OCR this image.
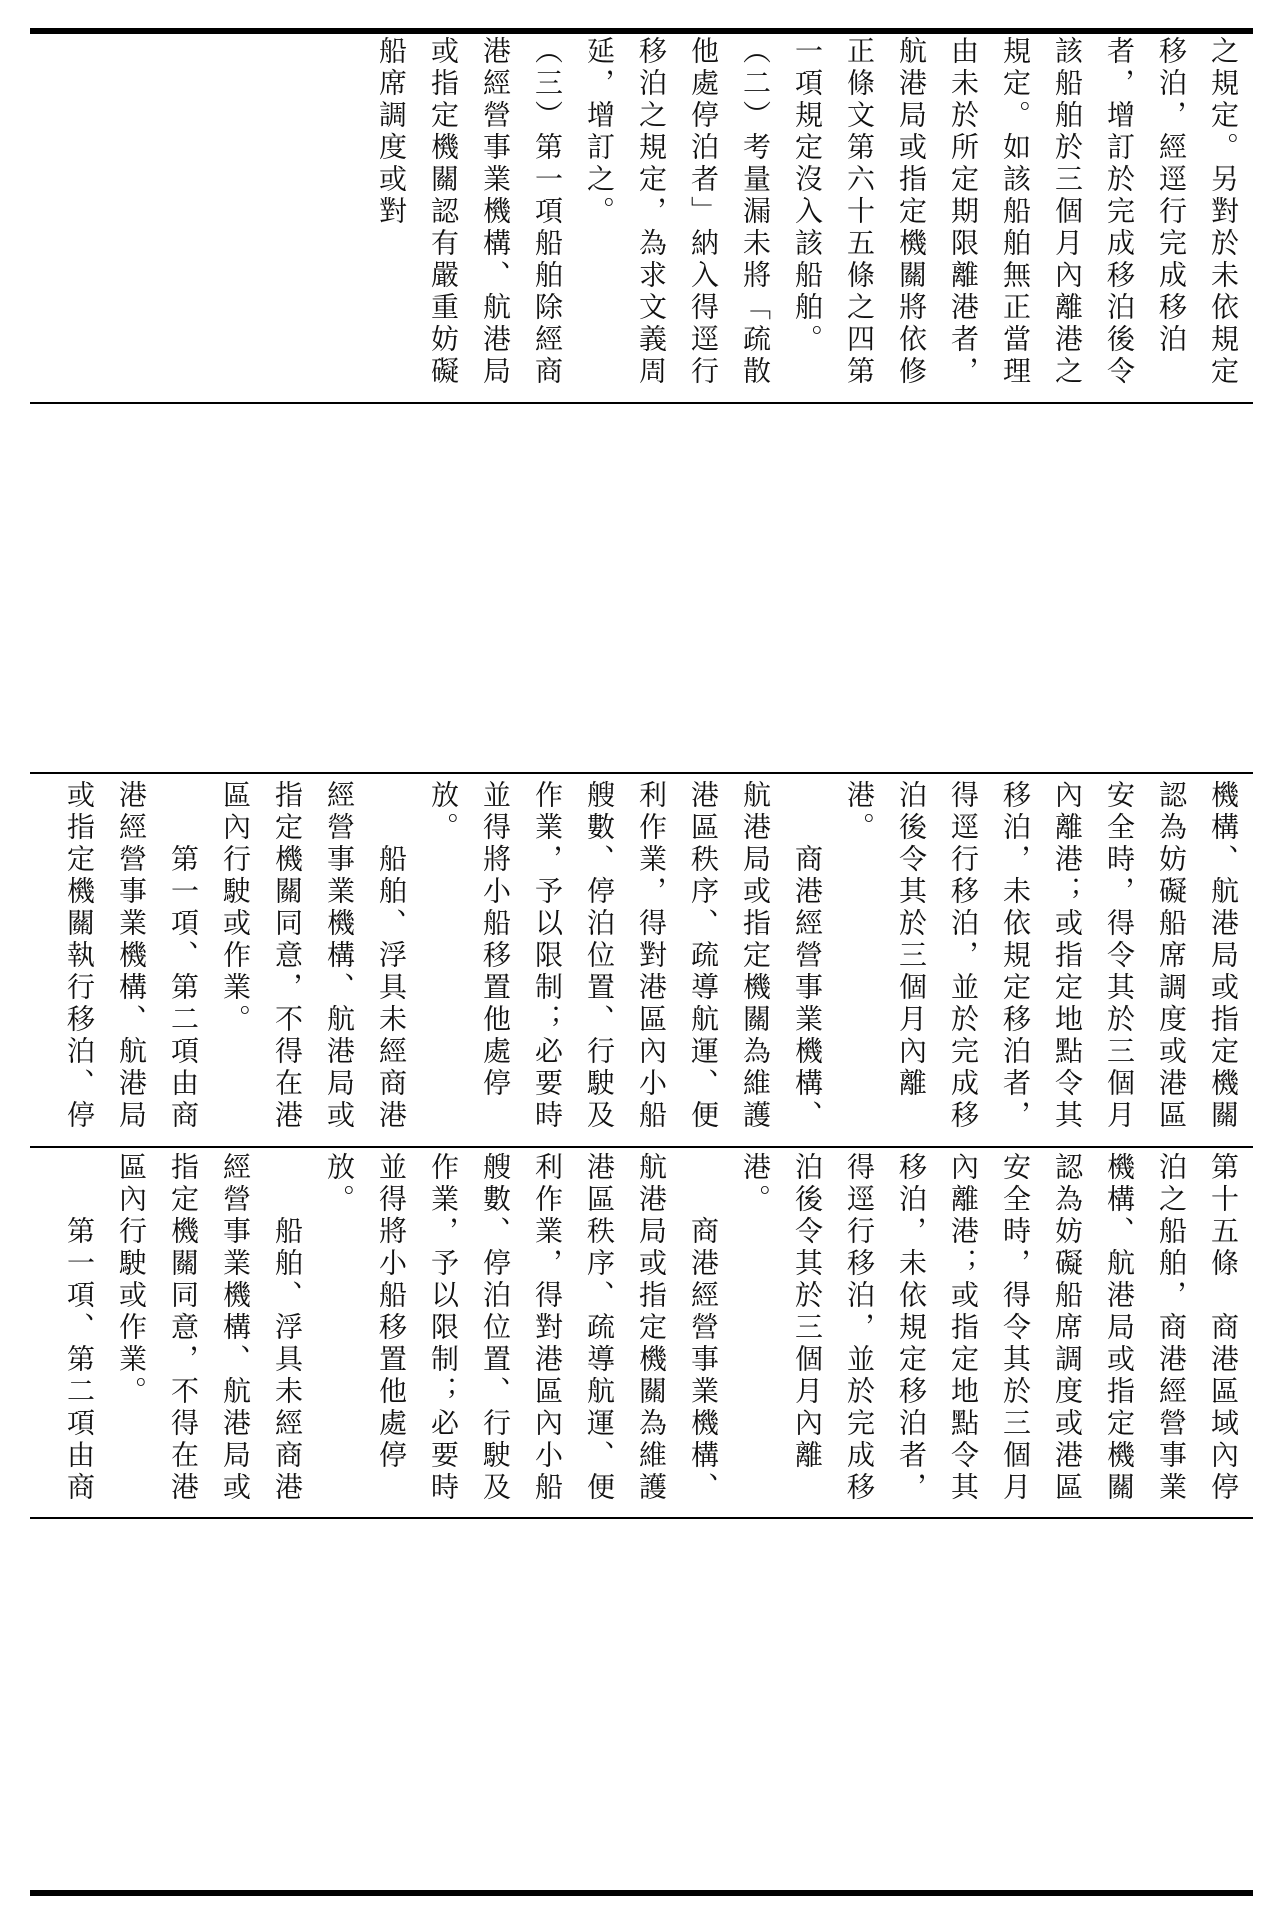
之規定。另對於未依規定移泊，經逕行完成移泊者，增訂於完成移泊後令該船舶於三個月內離港之規定。如該船舶無正當理由未於所定期限離港者，航港局或指定機關將依修正條文第六十五條之四第一項規定沒入該船舶。
（二）考量漏未將「疏散他處停泊者」納入得逕行移泊之規定，為求文義周延，增訂之。
（三）第一項船舶除經商港經營事業機構、航港局或指定機關認有嚴重妨礙船席調度或對
機構、航港局或指定機關認為妨礙船席調度或港區安全時，得令其於三個月內離港；或指定地點令其移泊，未依規定移泊者，得逕行移泊，並於完成移泊後令其於三個月內離港。
　　商港經營事業機構、航港局或指定機關為維護港區秩序、疏導航運、便利作業，得對港區內小船艘數、停泊位置、行駛及作業，予以限制；必要時並得將小船移置他處停放。
　　船舶、浮具未經商港經營事業機構、航港局或指定機關同意，不得在港區內行駛或作業。
　　第一項、第二項由商港經營事業機構、航港局或指定機關執行移泊、停
第十五條　商港區域內停泊之船舶，商港經營事業機構、航港局或指定機關認為妨礙船席調度或港區安全時，得令其於三個月內離港；或指定地點令其移泊，未依規定移泊者，得逕行移泊，並於完成移泊後令其於三個月內離港。
　　商港經營事業機構、航港局或指定機關為維護港區秩序、疏導航運、便利作業，得對港區內小船艘數、停泊位置、行駛及作業，予以限制；必要時並得將小船移置他處停放。
　　船舶、浮具未經商港經營事業機構、航港局或指定機關同意，不得在港區內行駛或作業。
　　第一項、第二項由商
